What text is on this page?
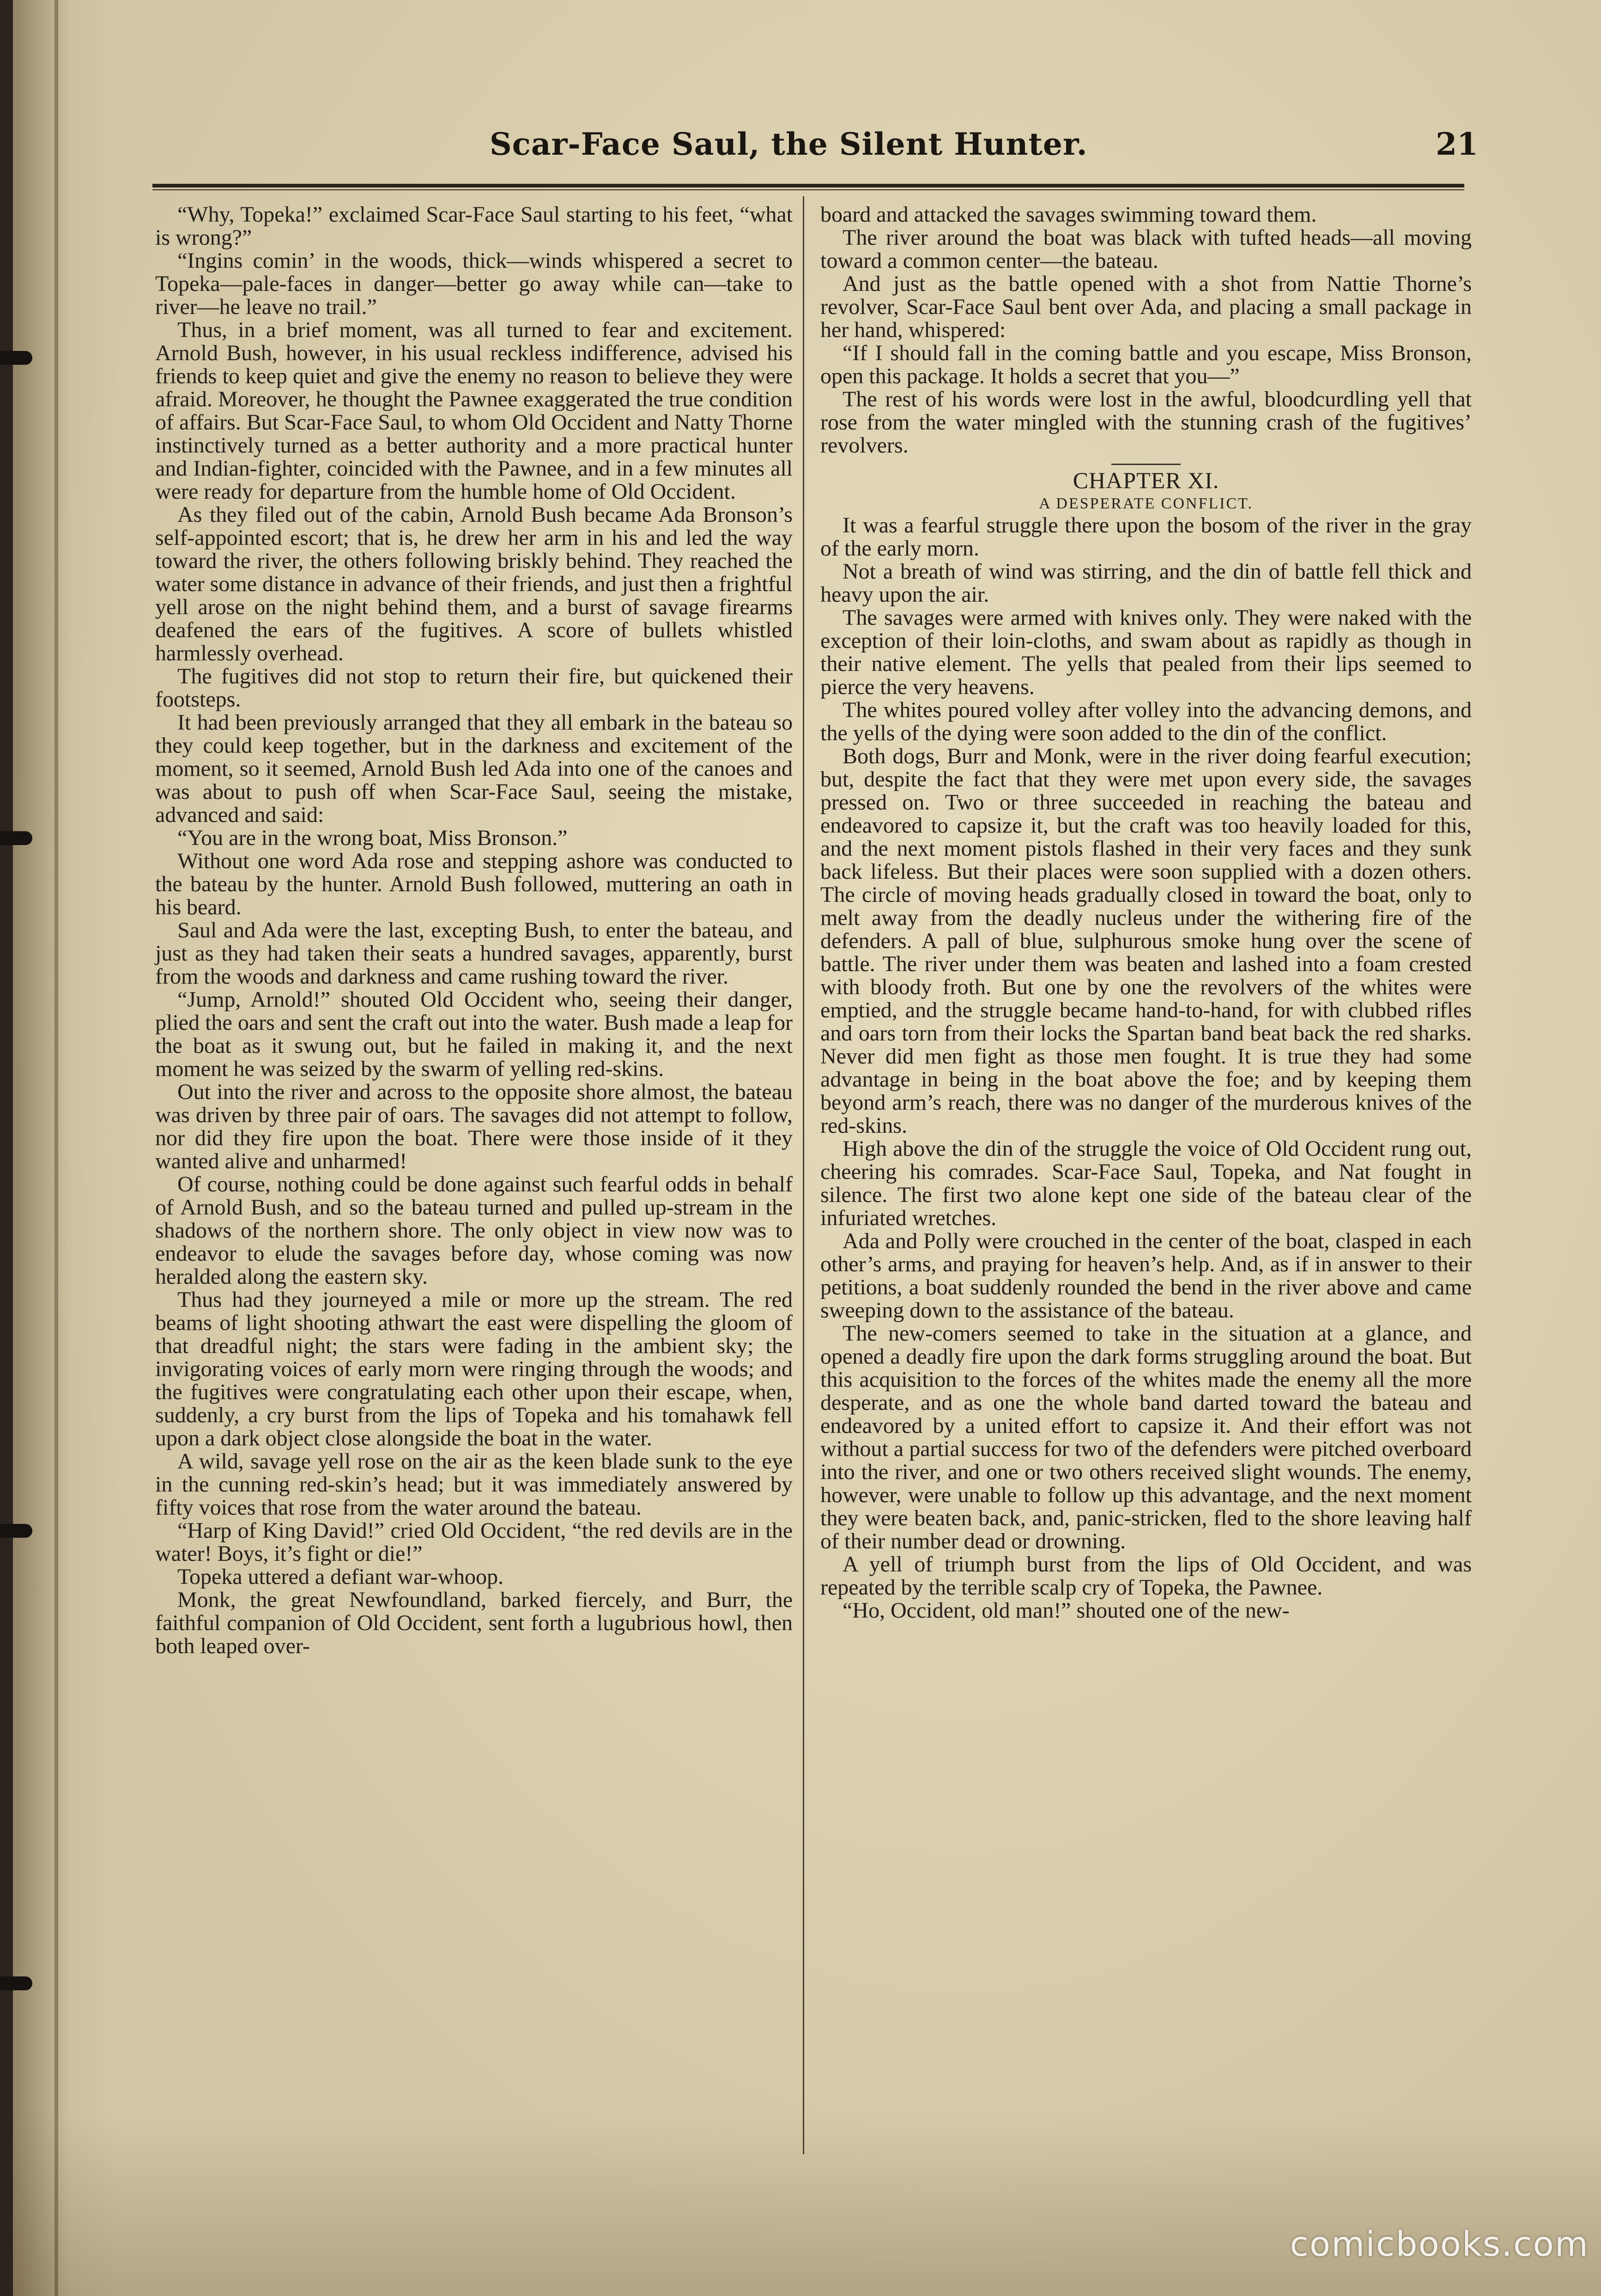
Scar-Face Saul, the Silent Hunter.	21

“Why, Topeka!” exclaimed Scar-Face Saul starting to his feet, “what is wrong?”

“Ingins comin’ in the woods, thick—winds whispered a secret to Topeka—pale-faces in danger—better go away while can—take to river—he leave no trail.”

Thus, in a brief moment, was all turned to fear and excitement. Arnold Bush, however, in his usual reckless indifference, advised his friends to keep quiet and give the enemy no reason to believe they were afraid. Moreover, he thought the Pawnee exaggerated the true condition of affairs. But Scar-Face Saul, to whom Old Occident and Natty Thorne instinctively turned as a better authority and a more practical hunter and Indian-fighter, coincided with the Pawnee, and in a few minutes all were ready for departure from the humble home of Old Occident.

As they filed out of the cabin, Arnold Bush became Ada Bronson’s self-appointed escort; that is, he drew her arm in his and led the way toward the river, the others following briskly behind. They reached the water some distance in advance of their friends, and just then a frightful yell arose on the night behind them, and a burst of savage firearms deafened the ears of the fugitives. A score of bullets whistled harmlessly overhead.

The fugitives did not stop to return their fire, but quickened their footsteps.

It had been previously arranged that they all embark in the bateau so they could keep together, but in the darkness and excitement of the moment, so it seemed, Arnold Bush led Ada into one of the canoes and was about to push off when Scar-Face Saul, seeing the mistake, advanced and said:

“You are in the wrong boat, Miss Bronson.”

Without one word Ada rose and stepping ashore was conducted to the bateau by the hunter. Arnold Bush followed, muttering an oath in his beard.

Saul and Ada were the last, excepting Bush, to enter the bateau, and just as they had taken their seats a hundred savages, apparently, burst from the woods and darkness and came rushing toward the river.

“Jump, Arnold!” shouted Old Occident who, seeing their danger, plied the oars and sent the craft out into the water. Bush made a leap for the boat as it swung out, but he failed in making it, and the next moment he was seized by the swarm of yelling red-skins.

Out into the river and across to the opposite shore almost, the bateau was driven by three pair of oars. The savages did not attempt to follow, nor did they fire upon the boat. There were those inside of it they wanted alive and unharmed!

Of course, nothing could be done against such fearful odds in behalf of Arnold Bush, and so the bateau turned and pulled up-stream in the shadows of the northern shore. The only object in view now was to endeavor to elude the savages before day, whose coming was now heralded along the eastern sky.

Thus had they journeyed a mile or more up the stream. The red beams of light shooting athwart the east were dispelling the gloom of that dreadful night; the stars were fading in the ambient sky; the invigorating voices of early morn were ringing through the woods; and the fugitives were congratulating each other upon their escape, when, suddenly, a cry burst from the lips of Topeka and his tomahawk fell upon a dark object close alongside the boat in the water.

A wild, savage yell rose on the air as the keen blade sunk to the eye in the cunning red-skin’s head; but it was immediately answered by fifty voices that rose from the water around the bateau.

“Harp of King David!” cried Old Occident, “the red devils are in the water! Boys, it’s fight or die!”

Topeka uttered a defiant war-whoop.

Monk, the great Newfoundland, barked fiercely, and Burr, the faithful companion of Old Occident, sent forth a lugubrious howl, then both leaped over-

board and attacked the savages swimming toward them.

The river around the boat was black with tufted heads—all moving toward a common center—the bateau.

And just as the battle opened with a shot from Nattie Thorne’s revolver, Scar-Face Saul bent over Ada, and placing a small package in her hand, whispered:

“If I should fall in the coming battle and you escape, Miss Bronson, open this package. It holds a secret that you—”

The rest of his words were lost in the awful, bloodcurdling yell that rose from the water mingled with the stunning crash of the fugitives’ revolvers.

CHAPTER XI.

A DESPERATE CONFLICT.

It was a fearful struggle there upon the bosom of the river in the gray of the early morn.

Not a breath of wind was stirring, and the din of battle fell thick and heavy upon the air.

The savages were armed with knives only. They were naked with the exception of their loin-cloths, and swam about as rapidly as though in their native element. The yells that pealed from their lips seemed to pierce the very heavens.

The whites poured volley after volley into the advancing demons, and the yells of the dying were soon added to the din of the conflict.

Both dogs, Burr and Monk, were in the river doing fearful execution; but, despite the fact that they were met upon every side, the savages pressed on. Two or three succeeded in reaching the bateau and endeavored to capsize it, but the craft was too heavily loaded for this, and the next moment pistols flashed in their very faces and they sunk back lifeless. But their places were soon supplied with a dozen others. The circle of moving heads gradually closed in toward the boat, only to melt away from the deadly nucleus under the withering fire of the defenders. A pall of blue, sulphurous smoke hung over the scene of battle. The river under them was beaten and lashed into a foam crested with bloody froth. But one by one the revolvers of the whites were emptied, and the struggle became hand-to-hand, for with clubbed rifles and oars torn from their locks the Spartan band beat back the red sharks. Never did men fight as those men fought. It is true they had some advantage in being in the boat above the foe; and by keeping them beyond arm’s reach, there was no danger of the murderous knives of the red-skins.

High above the din of the struggle the voice of Old Occident rung out, cheering his comrades. Scar-Face Saul, Topeka, and Nat fought in silence. The first two alone kept one side of the bateau clear of the infuriated wretches.

Ada and Polly were crouched in the center of the boat, clasped in each other’s arms, and praying for heaven’s help. And, as if in answer to their petitions, a boat suddenly rounded the bend in the river above and came sweeping down to the assistance of the bateau.

The new-comers seemed to take in the situation at a glance, and opened a deadly fire upon the dark forms struggling around the boat. But this acquisition to the forces of the whites made the enemy all the more desperate, and as one the whole band darted toward the bateau and endeavored by a united effort to capsize it. And their effort was not without a partial success for two of the defenders were pitched overboard into the river, and one or two others received slight wounds. The enemy, however, were unable to follow up this advantage, and the next moment they were beaten back, and, panic-stricken, fled to the shore leaving half of their number dead or drowning.

A yell of triumph burst from the lips of Old Occident, and was repeated by the terrible scalp cry of Topeka, the Pawnee.

“Ho, Occident, old man!” shouted one of the new-

comicbooks.com
